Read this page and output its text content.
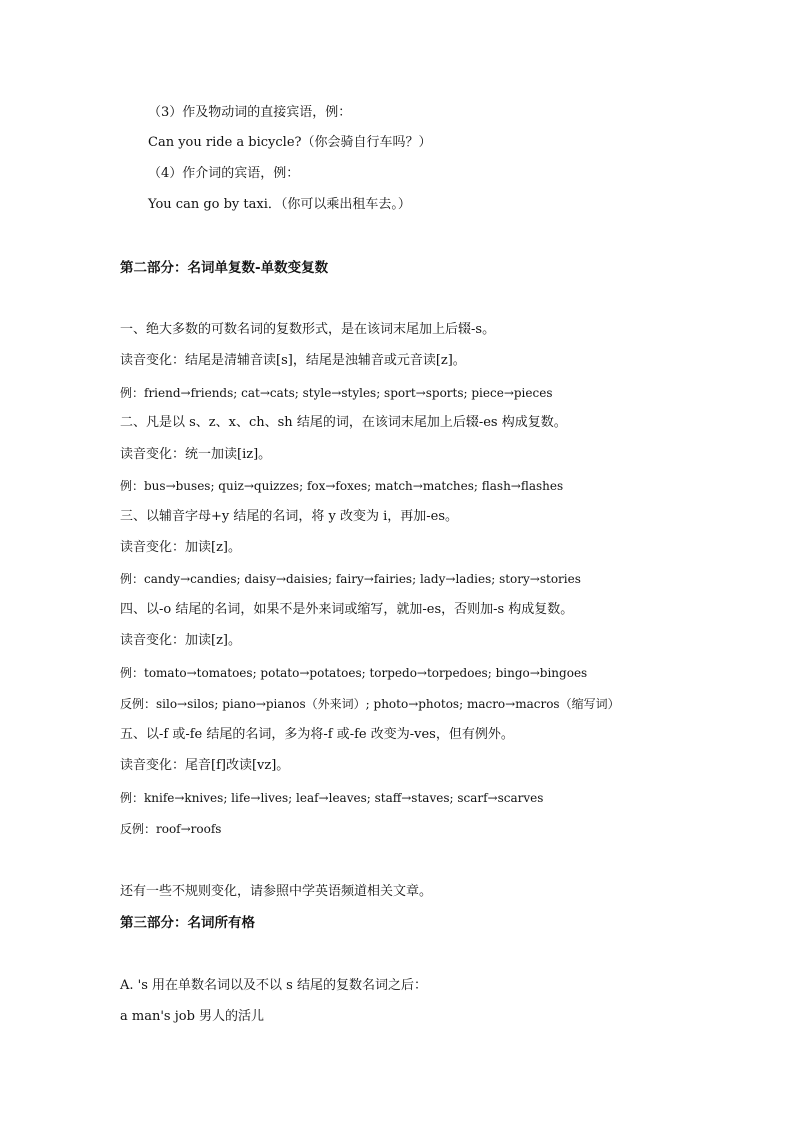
（3）作及物动词的直接宾语，例：
Can you ride a bicycle?（你会骑自行车吗？）
（4）作介词的宾语，例：
You can go by taxi．（你可以乘出租车去。）
第二部分：名词单复数-单数变复数
一、绝大多数的可数名词的复数形式，是在该词末尾加上后辍-s。
读音变化：结尾是清辅音读[s]，结尾是浊辅音或元音读[z]。
例：friend→friends; cat→cats; style→styles; sport→sports; piece→pieces
二、凡是以 s、z、x、ch、sh 结尾的词，在该词末尾加上后辍-es 构成复数。
读音变化：统一加读[iz]。
例：bus→buses; quiz→quizzes; fox→foxes; match→matches; flash→flashes
三、以辅音字母+y 结尾的名词，将 y 改变为 i，再加-es。
读音变化：加读[z]。
例：candy→candies; daisy→daisies; fairy→fairies; lady→ladies; story→stories
四、以-o 结尾的名词，如果不是外来词或缩写，就加-es，否则加-s 构成复数。
读音变化：加读[z]。
例：tomato→tomatoes; potato→potatoes; torpedo→torpedoes; bingo→bingoes
反例：silo→silos; piano→pianos（外来词）; photo→photos; macro→macros（缩写词）
五、以-f 或-fe 结尾的名词，多为将-f 或-fe 改变为-ves，但有例外。
读音变化：尾音[f]改读[vz]。
例：knife→knives; life→lives; leaf→leaves; staff→staves; scarf→scarves
反例：roof→roofs
还有一些不规则变化，请参照中学英语频道相关文章。
第三部分：名词所有格
A. 's 用在单数名词以及不以 s 结尾的复数名词之后：
a man's job 男人的活儿
